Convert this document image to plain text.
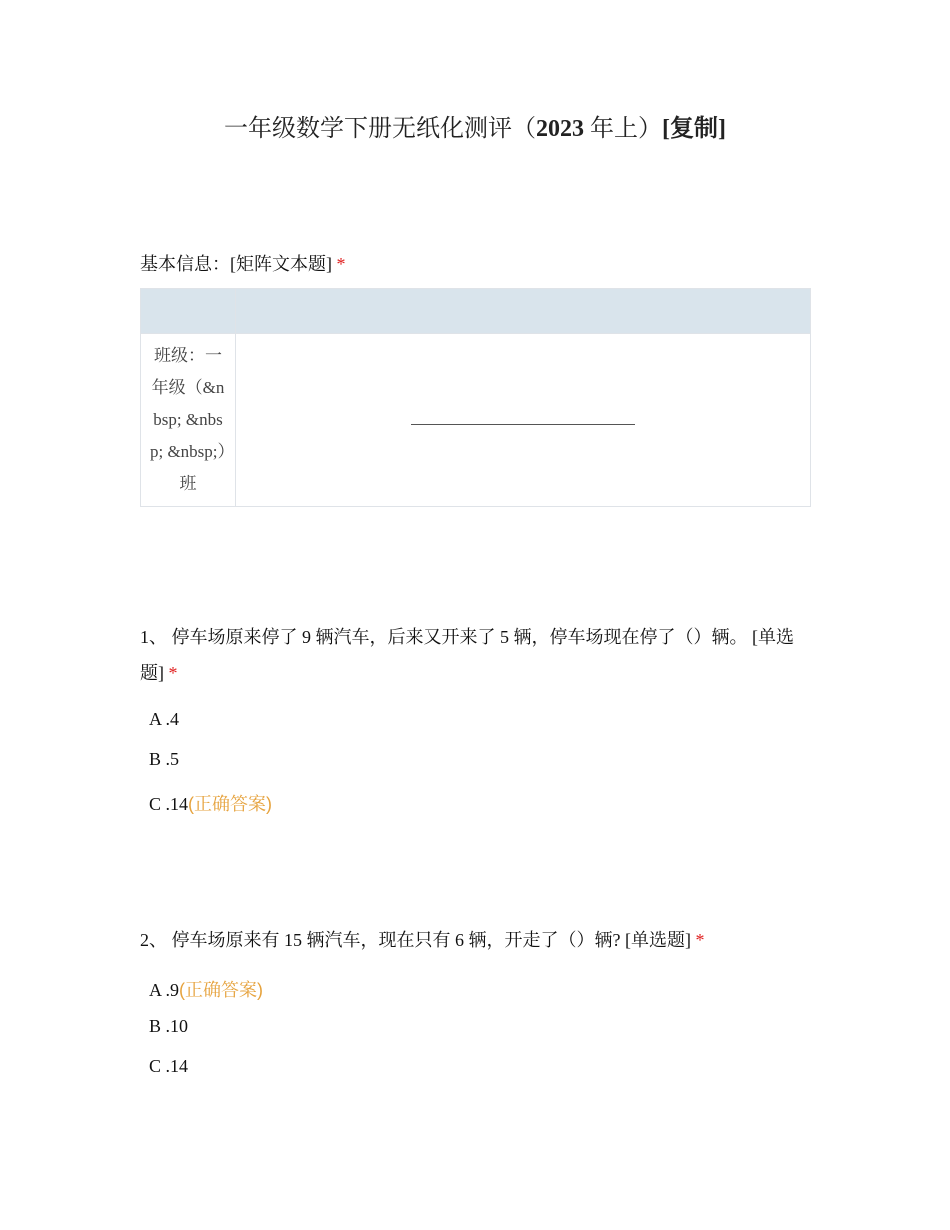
一年级数学下册无纸化测评（2023 年上）[复制]
基本信息：[矩阵文本题] *

班级：一年级（&nbsp; &nbsp; &nbsp;）班	

1、 停车场原来停了 9 辆汽车，后来又开来了 5 辆，停车场现在停了（）辆。 [单选题] *
A .4
B .5
C .14(正确答案)
2、 停车场原来有 15 辆汽车，现在只有 6 辆，开走了（）辆? [单选题] *
A .9(正确答案)
B .10
C .14
